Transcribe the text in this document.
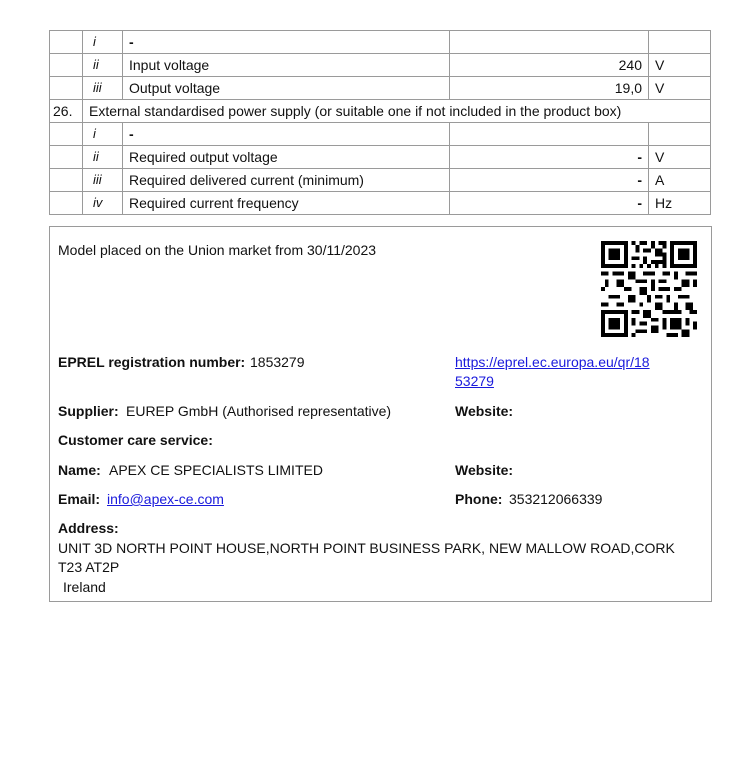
	i	-		
	ii	Input voltage	240	V
	iii	Output voltage	19,0	V
26.	External standardised power supply (or suitable one if not included in the product box)			
	i	-		
	ii	Required output voltage	-	V
	iii	Required delivered current (minimum)	-	A
	iv	Required current frequency	-	Hz
Model placed on the Union market from 30/11/2023
EPREL registration number: 1853279	https://eprel.ec.europa.eu/qr/18
53279
Supplier: EUREP GmbH (Authorised representative)	Website:
Customer care service:
Name: APEX CE SPECIALISTS LIMITED	Website:
Email: info@apex-ce.com	Phone: 353212066339
Address:
UNIT 3D NORTH POINT HOUSE,NORTH POINT BUSINESS PARK, NEW MALLOW ROAD,CORK
T23 AT2P
Ireland
